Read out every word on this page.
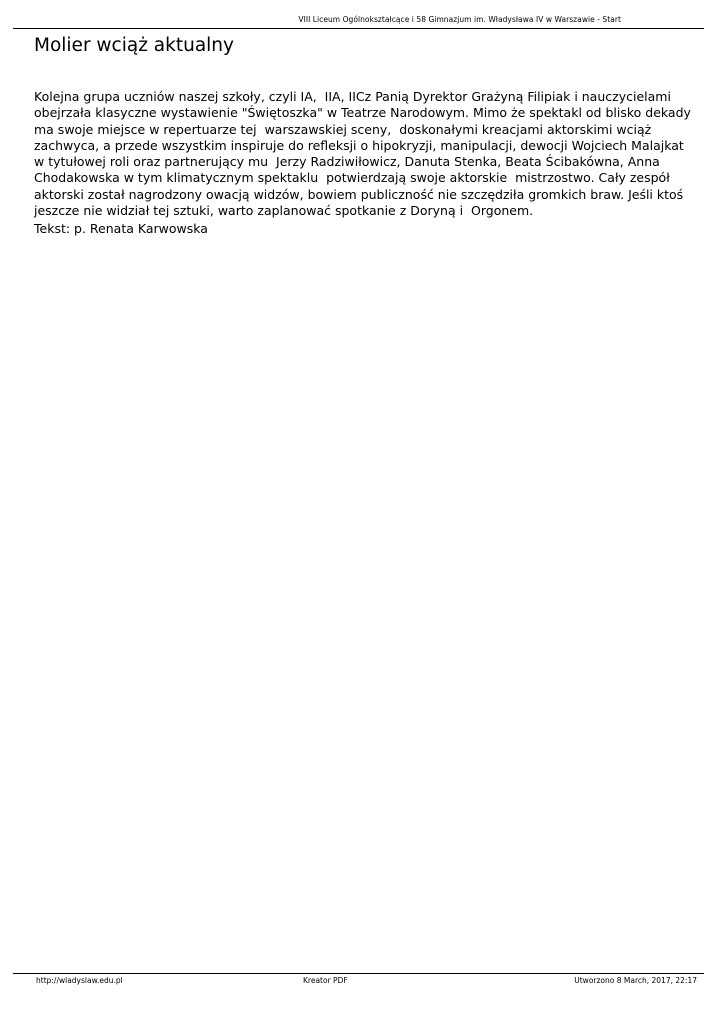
VIII Liceum Ogólnokształcące i 58 Gimnazjum im. Władysława IV w Warszawie - Start
Molier wciąż aktualny

Kolejna grupa uczniów naszej szkoły, czyli IA,  IIA, IICz Panią Dyrektor Grażyną Filipiak i nauczycielami
obejrzała klasyczne wystawienie "Świętoszka" w Teatrze Narodowym. Mimo że spektakl od blisko dekady
ma swoje miejsce w repertuarze tej  warszawskiej sceny,  doskonałymi kreacjami aktorskimi wciąż
zachwyca, a przede wszystkim inspiruje do refleksji o hipokryzji, manipulacji, dewocji Wojciech Malajkat
w tytułowej roli oraz partnerujący mu  Jerzy Radziwiłowicz, Danuta Stenka, Beata Ścibakówna, Anna
Chodakowska w tym klimatycznym spektaklu  potwierdzają swoje aktorskie  mistrzostwo. Cały zespół
aktorski został nagrodzony owacją widzów, bowiem publiczność nie szczędziła gromkich braw. Jeśli ktoś
jeszcze nie widział tej sztuki, warto zaplanować spotkanie z Doryną i  Orgonem.

Tekst: p. Renata Karwowska

http://wladyslaw.edu.pl	Kreator PDF	Utworzono 8 March, 2017, 22:17
